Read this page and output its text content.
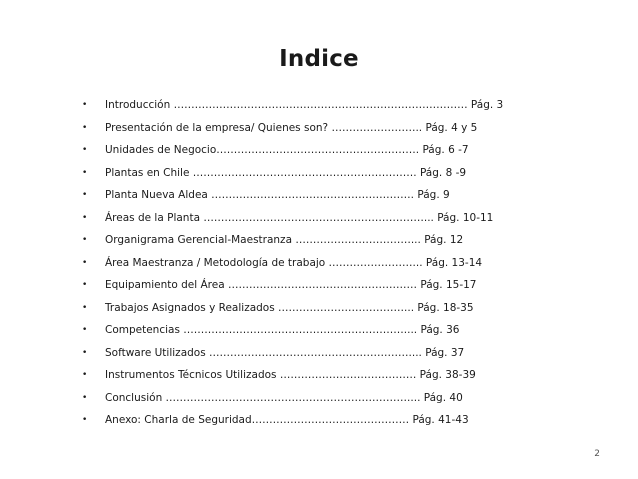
Indice
• Introducción ………………………………………………………………………… Pág. 3
• Presentación de la empresa/ Quienes son? …………………….. Pág. 4 y 5
• Unidades de Negocio…………………………………………………. Pág. 6 -7
• Plantas en Chile ………………………………………………………. Pág. 8 -9
• Planta Nueva Aldea …………………………………………………. Pág. 9
• Áreas de la Planta ………………………………………………………... Pág. 10-11
• Organigrama Gerencial-Maestranza ……………………………... Pág. 12
• Área Maestranza / Metodología de trabajo ……………………... Pág. 13-14
• Equipamiento del Área ……………………………………………… Pág. 15-17
• Trabajos Asignados y Realizados ………………………………... Pág. 18-35
• Competencias ……………………………………………………….... Pág. 36
• Software Utilizados ………………………………………………….... Pág. 37
• Instrumentos Técnicos Utilizados ………………………………… Pág. 38-39
• Conclusión …………………………………………………………….... Pág. 40
• Anexo: Charla de Seguridad……………………………………… Pág. 41-43
2
